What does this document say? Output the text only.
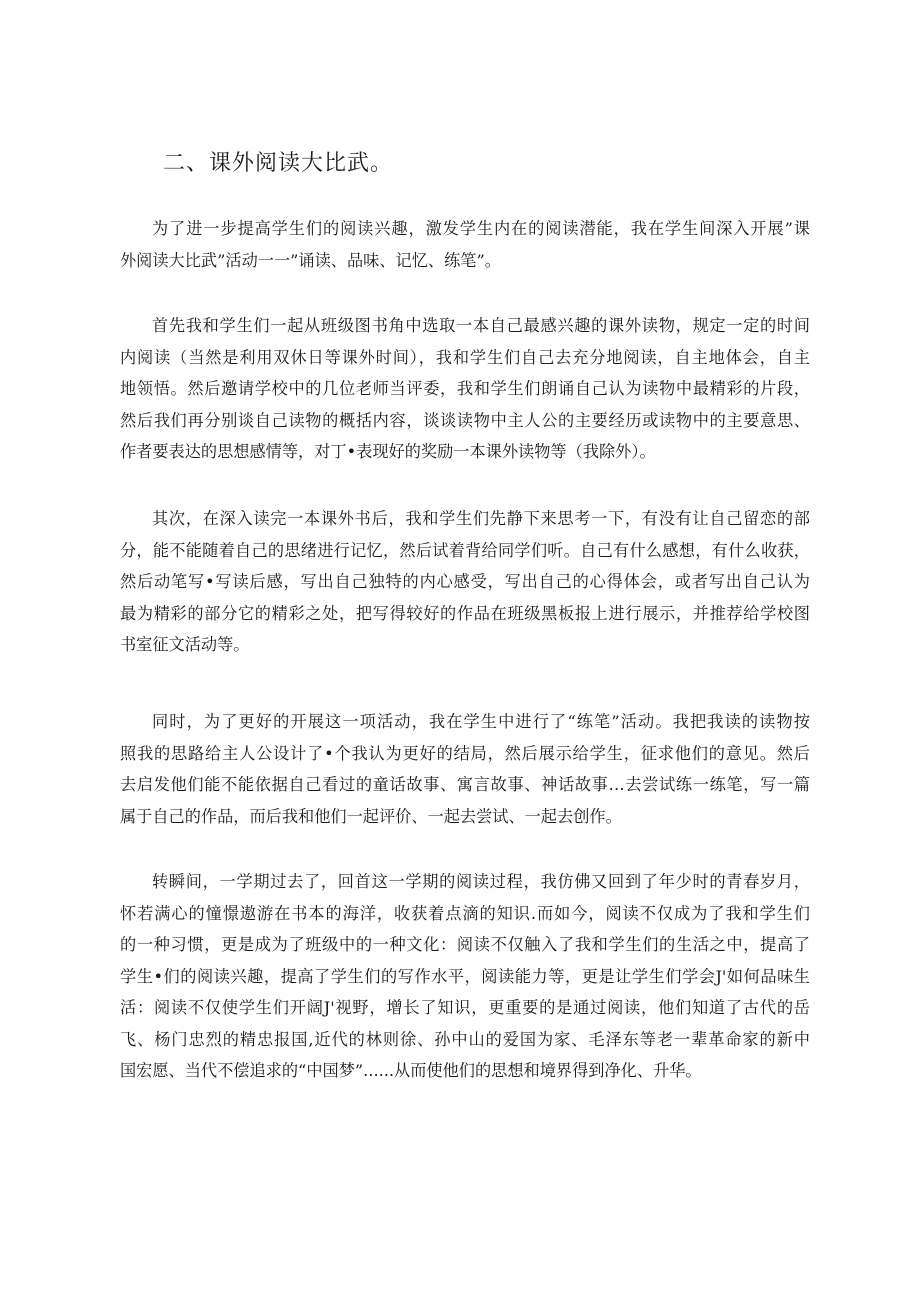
二、课外阅读大比武。
为了进一步提高学生们的阅读兴趣，激发学生内在的阅读潜能，我在学生间深入开展”课
外阅读大比武”活动一一”诵读、品味、记忆、练笔”。
首先我和学生们一起从班级图书角中选取一本自己最感兴趣的课外读物，规定一定的时间
内阅读（当然是利用双休日等课外时间），我和学生们自己去充分地阅读，自主地体会，自主
地领悟。然后邀请学校中的几位老师当评委，我和学生们朗诵自己认为读物中最精彩的片段，
然后我们再分别谈自己读物的概括内容，谈谈读物中主人公的主要经历或读物中的主要意思、
作者要表达的思想感情等，对丁•表现好的奖励一本课外读物等（我除外）。
其次，在深入读完一本课外书后，我和学生们先静下来思考一下，有没有让自己留恋的部
分，能不能随着自己的思绪进行记忆，然后试着背给同学们听。自己有什么感想，有什么收获，
然后动笔写•写读后感，写出自己独特的内心感受，写出自己的心得体会，或者写出自己认为
最为精彩的部分它的精彩之处，把写得较好的作品在班级黑板报上进行展示，并推荐给学校图
书室征文活动等。
同时，为了更好的开展这一项活动，我在学生中进行了“练笔”活动。我把我读的读物按
照我的思路给主人公设计了•个我认为更好的结局，然后展示给学生，征求他们的意见。然后
去启发他们能不能依据自己看过的童话故事、寓言故事、神话故事…去尝试练一练笔，写一篇
属于自己的作品，而后我和他们一起评价、一起去尝试、一起去创作。
转瞬间，一学期过去了，回首这一学期的阅读过程，我仿佛又回到了年少时的青春岁月，
怀若满心的憧憬遨游在书本的海洋，收获着点滴的知识.而如今，阅读不仅成为了我和学生们
的一种习惯，更是成为了班级中的一种文化：阅读不仅触入了我和学生们的生活之中，提高了
学生•们的阅读兴趣，提高了学生们的写作水平，阅读能力等，更是让学生们学会J'如何品味生
活：阅读不仅使学生们开阔J'视野，增长了知识，更重要的是通过阅读，他们知道了古代的岳
飞、杨门忠烈的精忠报国,近代的林则徐、孙中山的爱国为家、毛泽东等老一辈革命家的新中
国宏愿、当代不偿追求的“中国梦”......从而使他们的思想和境界得到净化、升华。
